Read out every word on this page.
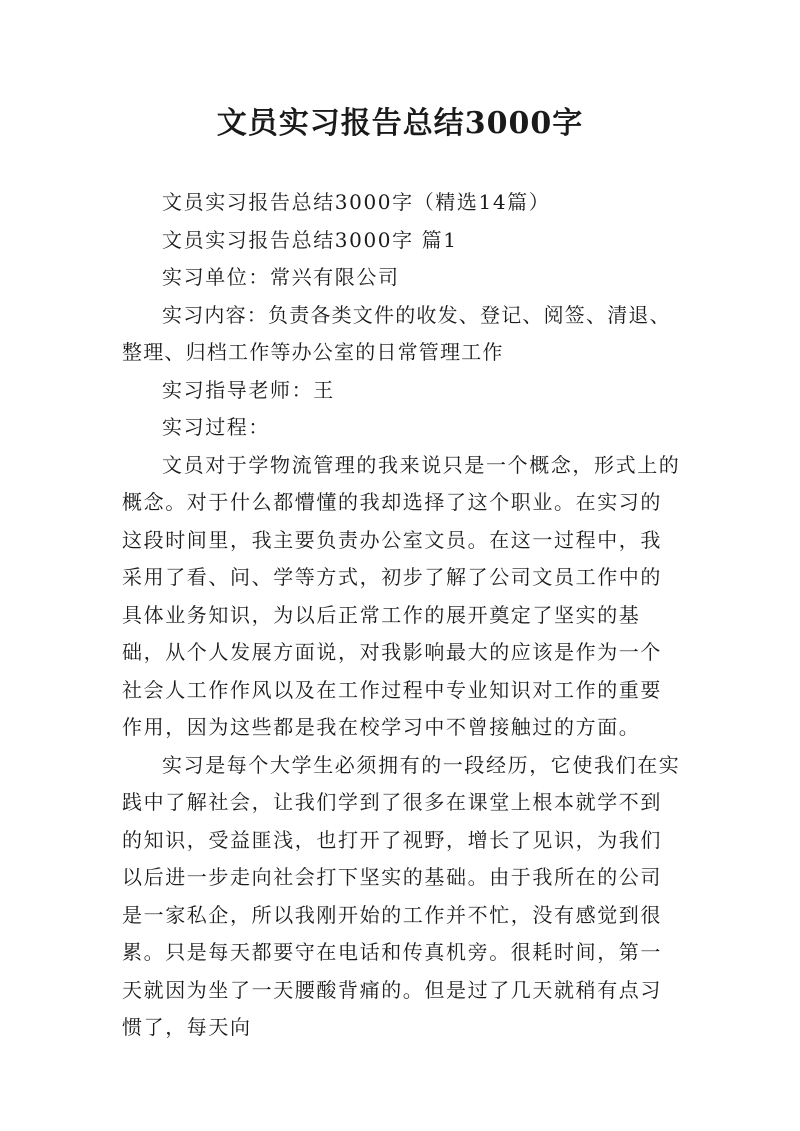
文员实习报告总结3000字

文员实习报告总结3000字（精选14篇）

文员实习报告总结3000字 篇1

实习单位：常兴有限公司

实习内容：负责各类文件的收发、登记、阅签、清退、整理、归档工作等办公室的日常管理工作

实习指导老师：王

实习过程：

文员对于学物流管理的我来说只是一个概念，形式上的概念。对于什么都懵懂的我却选择了这个职业。在实习的这段时间里，我主要负责办公室文员。在这一过程中，我采用了看、问、学等方式，初步了解了公司文员工作中的具体业务知识，为以后正常工作的展开奠定了坚实的基础，从个人发展方面说，对我影响最大的应该是作为一个社会人工作作风以及在工作过程中专业知识对工作的重要作用，因为这些都是我在校学习中不曾接触过的方面。

实习是每个大学生必须拥有的一段经历，它使我们在实践中了解社会，让我们学到了很多在课堂上根本就学不到的知识，受益匪浅，也打开了视野，增长了见识，为我们以后进一步走向社会打下坚实的基础。由于我所在的公司是一家私企，所以我刚开始的工作并不忙，没有感觉到很累。只是每天都要守在电话和传真机旁。很耗时间，第一天就因为坐了一天腰酸背痛的。但是过了几天就稍有点习惯了，每天向
